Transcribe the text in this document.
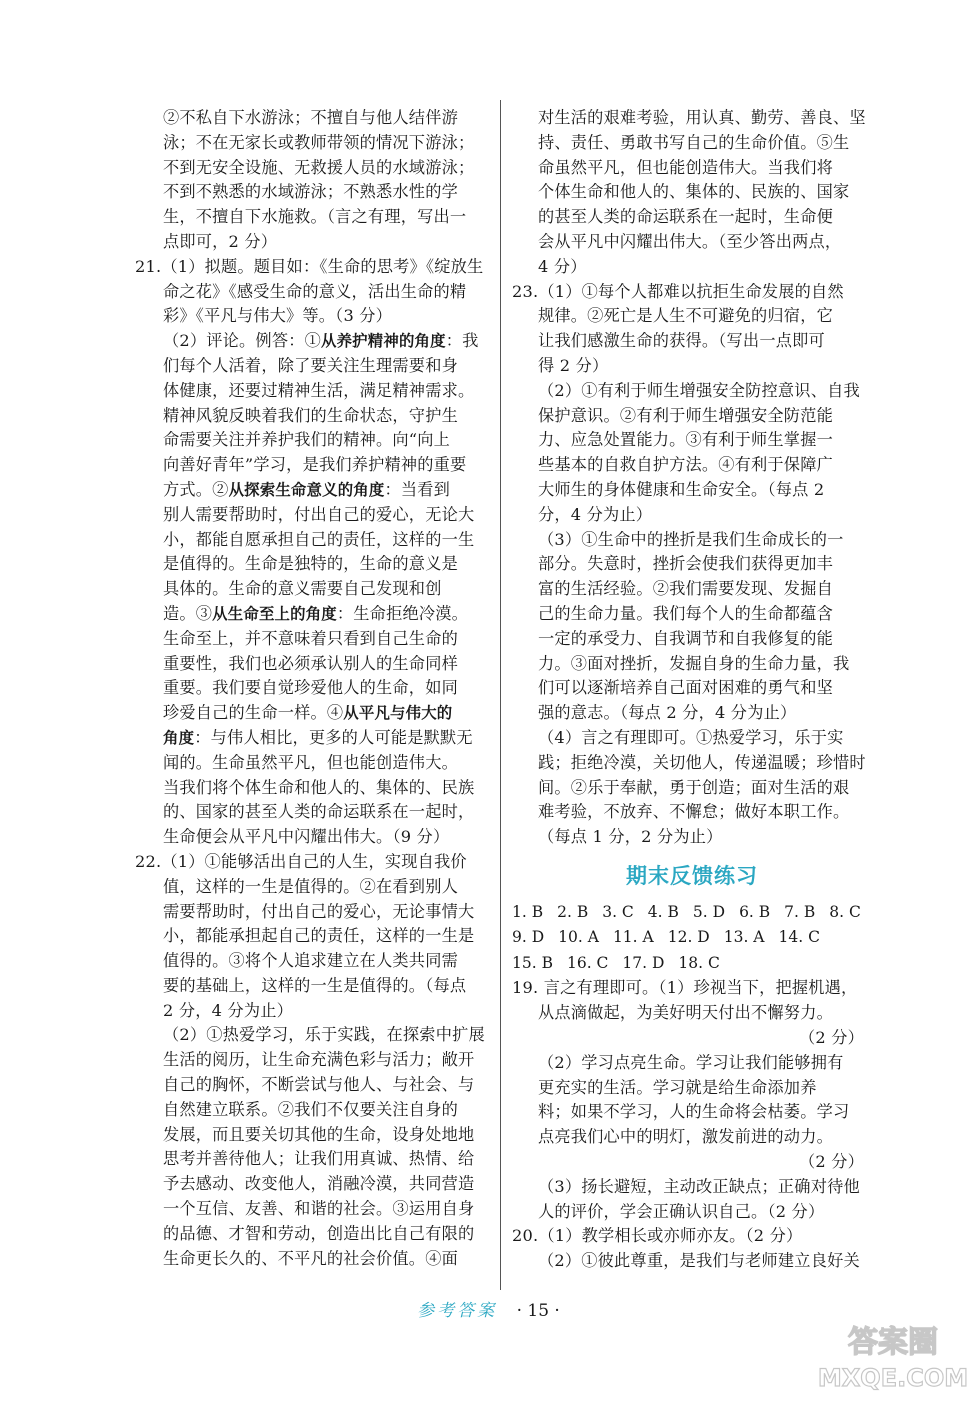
②不私自下水游泳；不擅自与他人结伴游
泳；不在无家长或教师带领的情况下游泳；
不到无安全设施、无救援人员的水域游泳；
不到不熟悉的水域游泳；不熟悉水性的学
生，不擅自下水施救。（言之有理，写出一
点即可，2 分）
21.（1）拟题。题目如：《生命的思考》《绽放生
命之花》《感受生命的意义，活出生命的精
彩》《平凡与伟大》等。（3 分）
（2）评论。例答：①从养护精神的角度：我
们每个人活着，除了要关注生理需要和身
体健康，还要过精神生活，满足精神需求。
精神风貌反映着我们的生命状态，守护生
命需要关注并养护我们的精神。向“向上
向善好青年”学习，是我们养护精神的重要
方式。②从探索生命意义的角度：当看到
别人需要帮助时，付出自己的爱心，无论大
小，都能自愿承担自己的责任，这样的一生
是值得的。生命是独特的，生命的意义是
具体的。生命的意义需要自己发现和创
造。③从生命至上的角度：生命拒绝冷漠。
生命至上，并不意味着只看到自己生命的
重要性，我们也必须承认别人的生命同样
重要。我们要自觉珍爱他人的生命，如同
珍爱自己的生命一样。④从平凡与伟大的
角度：与伟人相比，更多的人可能是默默无
闻的。生命虽然平凡，但也能创造伟大。
当我们将个体生命和他人的、集体的、民族
的、国家的甚至人类的命运联系在一起时，
生命便会从平凡中闪耀出伟大。（9 分）
22.（1）①能够活出自己的人生，实现自我价
值，这样的一生是值得的。②在看到别人
需要帮助时，付出自己的爱心，无论事情大
小，都能承担起自己的责任，这样的一生是
值得的。③将个人追求建立在人类共同需
要的基础上，这样的一生是值得的。（每点
2 分，4 分为止）
（2）①热爱学习，乐于实践，在探索中扩展
生活的阅历，让生命充满色彩与活力；敞开
自己的胸怀，不断尝试与他人、与社会、与
自然建立联系。②我们不仅要关注自身的
发展，而且要关切其他的生命，设身处地地
思考并善待他人；让我们用真诚、热情、给
予去感动、改变他人，消融冷漠，共同营造
一个互信、友善、和谐的社会。③运用自身
的品德、才智和劳动，创造出比自己有限的
生命更长久的、不平凡的社会价值。④面
对生活的艰难考验，用认真、勤劳、善良、坚
持、责任、勇敢书写自己的生命价值。⑤生
命虽然平凡，但也能创造伟大。当我们将
个体生命和他人的、集体的、民族的、国家
的甚至人类的命运联系在一起时，生命便
会从平凡中闪耀出伟大。（至少答出两点，
4 分）
23.（1）①每个人都难以抗拒生命发展的自然
规律。②死亡是人生不可避免的归宿，它
让我们感激生命的获得。（写出一点即可
得 2 分）
（2）①有利于师生增强安全防控意识、自我
保护意识。②有利于师生增强安全防范能
力、应急处置能力。③有利于师生掌握一
些基本的自救自护方法。④有利于保障广
大师生的身体健康和生命安全。（每点 2
分，4 分为止）
（3）①生命中的挫折是我们生命成长的一
部分。失意时，挫折会使我们获得更加丰
富的生活经验。②我们需要发现、发掘自
己的生命力量。我们每个人的生命都蕴含
一定的承受力、自我调节和自我修复的能
力。③面对挫折，发掘自身的生命力量，我
们可以逐渐培养自己面对困难的勇气和坚
强的意志。（每点 2 分，4 分为止）
（4）言之有理即可。①热爱学习，乐于实
践；拒绝冷漠，关切他人，传递温暖；珍惜时
间。②乐于奉献，勇于创造；面对生活的艰
难考验，不放弃、不懈怠；做好本职工作。
（每点 1 分，2 分为止）
期末反馈练习
1. B 2. B 3. C 4. B 5. D 6. B 7. B 8. C
9. D 10. A 11. A 12. D 13. A 14. C
15. B 16. C 17. D 18. C
19. 言之有理即可。（1）珍视当下，把握机遇，
从点滴做起，为美好明天付出不懈努力。
（2 分）
（2）学习点亮生命。学习让我们能够拥有
更充实的生活。学习就是给生命添加养
料；如果不学习，人的生命将会枯萎。学习
点亮我们心中的明灯，激发前进的动力。
（2 分）
（3）扬长避短，主动改正缺点；正确对待他
人的评价，学会正确认识自己。（2 分）
20.（1）教学相长或亦师亦友。（2 分）
（2）①彼此尊重，是我们与老师建立良好关
参考答案 · 15 ·
答案圈
MXQE.COM
